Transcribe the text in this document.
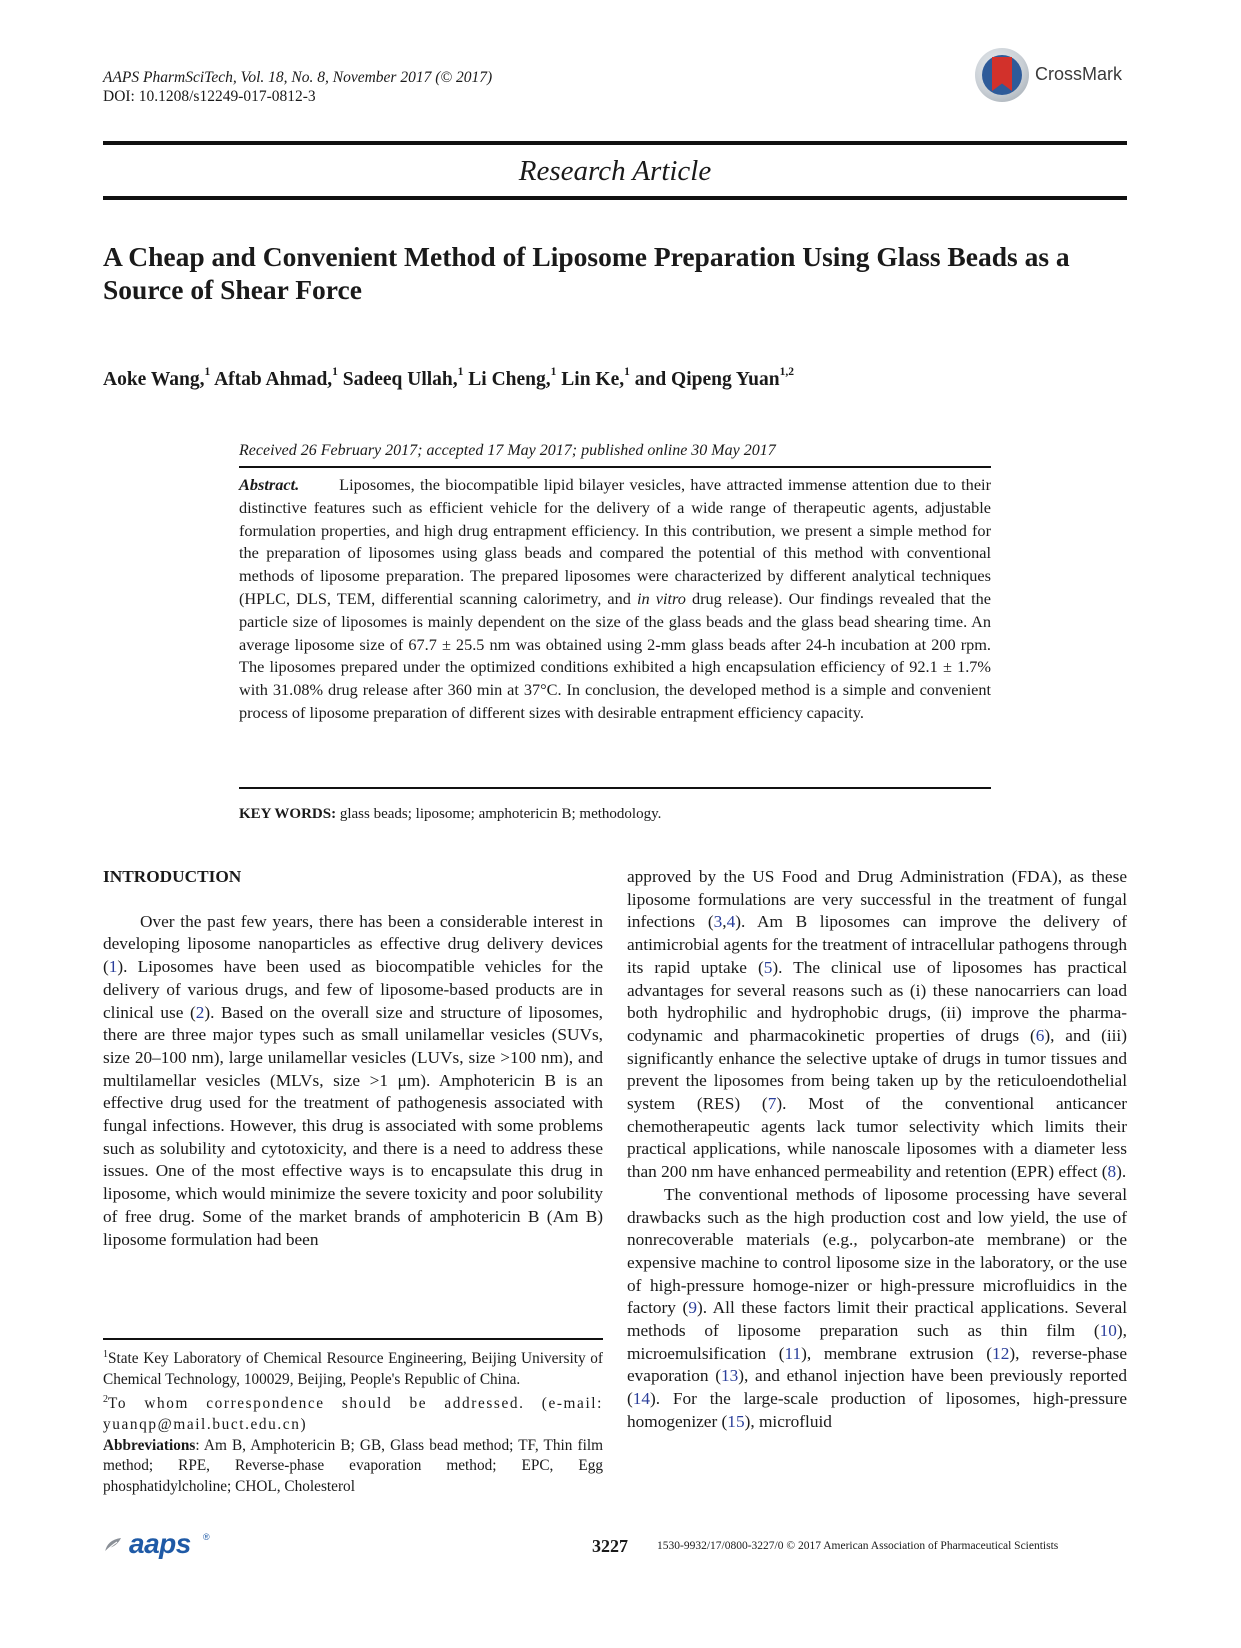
AAPS PharmSciTech, Vol. 18, No. 8, November 2017 (© 2017)
DOI: 10.1208/s12249-017-0812-3
CrossMark
Research Article
A Cheap and Convenient Method of Liposome Preparation Using Glass Beads as a Source of Shear Force
Aoke Wang,$^1$ Aftab Ahmad,$^1$ Sadeeq Ullah,$^1$ Li Cheng,$^1$ Lin Ke,$^1$ and Qipeng Yuan$^{1,2}$
Received 26 February 2017; accepted 17 May 2017; published online 30 May 2017
Abstract. Liposomes, the biocompatible lipid bilayer vesicles, have attracted immense attention due to their distinctive features such as efficient vehicle for the delivery of a wide range of therapeutic agents, adjustable formulation properties, and high drug entrapment efficiency. In this contribution, we present a simple method for the preparation of liposomes using glass beads and compared the potential of this method with conventional methods of liposome preparation. The prepared liposomes were characterized by different analytical techniques (HPLC, DLS, TEM, differential scanning calorimetry, and in vitro drug release). Our findings revealed that the particle size of liposomes is mainly dependent on the size of the glass beads and the glass bead shearing time. An average liposome size of 67.7 ± 25.5 nm was obtained using 2-mm glass beads after 24-h incubation at 200 rpm. The liposomes prepared under the optimized conditions exhibited a high encapsulation efficiency of 92.1 ± 1.7% with 31.08% drug release after 360 min at 37°C. In conclusion, the developed method is a simple and convenient process of liposome preparation of different sizes with desirable entrapment efficiency capacity.
KEY WORDS: glass beads; liposome; amphotericin B; methodology.

INTRODUCTION

Over the past few years, there has been a considerable interest in developing liposome nanoparticles as effective drug delivery devices (1). Liposomes have been used as biocompatible vehicles for the delivery of various drugs, and few of liposome-based products are in clinical use (2). Based on the overall size and structure of liposomes, there are three major types such as small unilamellar vesicles (SUVs, size 20–100 nm), large unilamellar vesicles (LUVs, size >100 nm), and multilamellar vesicles (MLVs, size >1 μm). Amphotericin B is an effective drug used for the treatment of pathogenesis associated with fungal infections. However, this drug is associated with some problems such as solubility and cytotoxicity, and there is a need to address these issues. One of the most effective ways is to encapsulate this drug in liposome, which would minimize the severe toxicity and poor solubility of free drug. Some of the market brands of amphotericin B (Am B) liposome formulation had been

approved by the US Food and Drug Administration (FDA), as these liposome formulations are very successful in the treatment of fungal infections (3,4). Am B liposomes can improve the delivery of antimicrobial agents for the treatment of intracellular pathogens through its rapid uptake (5). The clinical use of liposomes has practical advantages for several reasons such as (i) these nanocarriers can load both hydrophilic and hydrophobic drugs, (ii) improve the pharma-codynamic and pharmacokinetic properties of drugs (6), and (iii) significantly enhance the selective uptake of drugs in tumor tissues and prevent the liposomes from being taken up by the reticuloendothelial system (RES) (7). Most of the conventional anticancer chemotherapeutic agents lack tumor selectivity which limits their practical applications, while nanoscale liposomes with a diameter less than 200 nm have enhanced permeability and retention (EPR) effect (8).

The conventional methods of liposome processing have several drawbacks such as the high production cost and low yield, the use of nonrecoverable materials (e.g., polycarbon-ate membrane) or the expensive machine to control liposome size in the laboratory, or the use of high-pressure homoge-nizer or high-pressure microfluidics in the factory (9). All these factors limit their practical applications. Several methods of liposome preparation such as thin film (10), microemulsification (11), membrane extrusion (12), reverse-phase evaporation (13), and ethanol injection have been previously reported (14). For the large-scale production of liposomes, high-pressure homogenizer (15), microfluid

$^1$State Key Laboratory of Chemical Resource Engineering, Beijing University of Chemical Technology, 100029, Beijing, People's Republic of China.

$^2$To whom correspondence should be addressed. (e-mail: yuanqp@mail.buct.edu.cn)

Abbreviations: Am B, Amphotericin B; GB, Glass bead method; TF, Thin film method; RPE, Reverse-phase evaporation method; EPC, Egg phosphatidylcholine; CHOL, Cholesterol

aaps ®	3227	1530-9932/17/0800-3227/0 © 2017 American Association of Pharmaceutical Scientists
